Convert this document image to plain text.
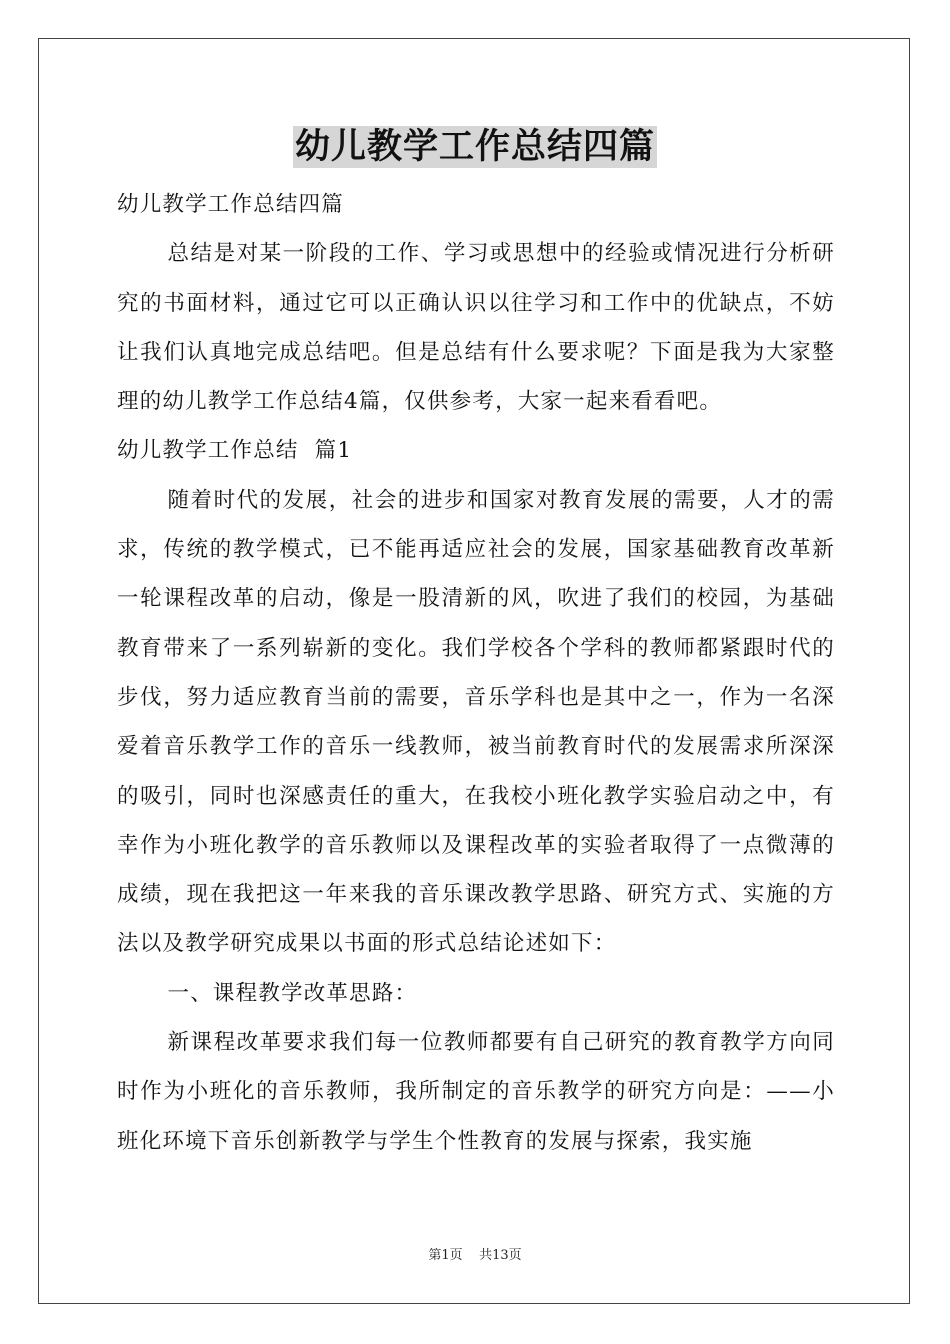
幼儿教学工作总结四篇

幼儿教学工作总结四篇

总结是对某一阶段的工作、学习或思想中的经验或情况进行分析研究的书面材料，通过它可以正确认识以往学习和工作中的优缺点，不妨让我们认真地完成总结吧。但是总结有什么要求呢？下面是我为大家整理的幼儿教学工作总结4篇，仅供参考，大家一起来看看吧。

幼儿教学工作总结  篇1

随着时代的发展，社会的进步和国家对教育发展的需要，人才的需求，传统的教学模式，已不能再适应社会的发展，国家基础教育改革新一轮课程改革的启动，像是一股清新的风，吹进了我们的校园，为基础教育带来了一系列崭新的变化。我们学校各个学科的教师都紧跟时代的步伐，努力适应教育当前的需要，音乐学科也是其中之一，作为一名深爱着音乐教学工作的音乐一线教师，被当前教育时代的发展需求所深深的吸引，同时也深感责任的重大，在我校小班化教学实验启动之中，有幸作为小班化教学的音乐教师以及课程改革的实验者取得了一点微薄的成绩，现在我把这一年来我的音乐课改教学思路、研究方式、实施的方法以及教学研究成果以书面的形式总结论述如下：

一、课程教学改革思路：

新课程改革要求我们每一位教师都要有自己研究的教育教学方向同时作为小班化的音乐教师，我所制定的音乐教学的研究方向是：——小班化环境下音乐创新教学与学生个性教育的发展与探索，我实施

第1页    共13页
